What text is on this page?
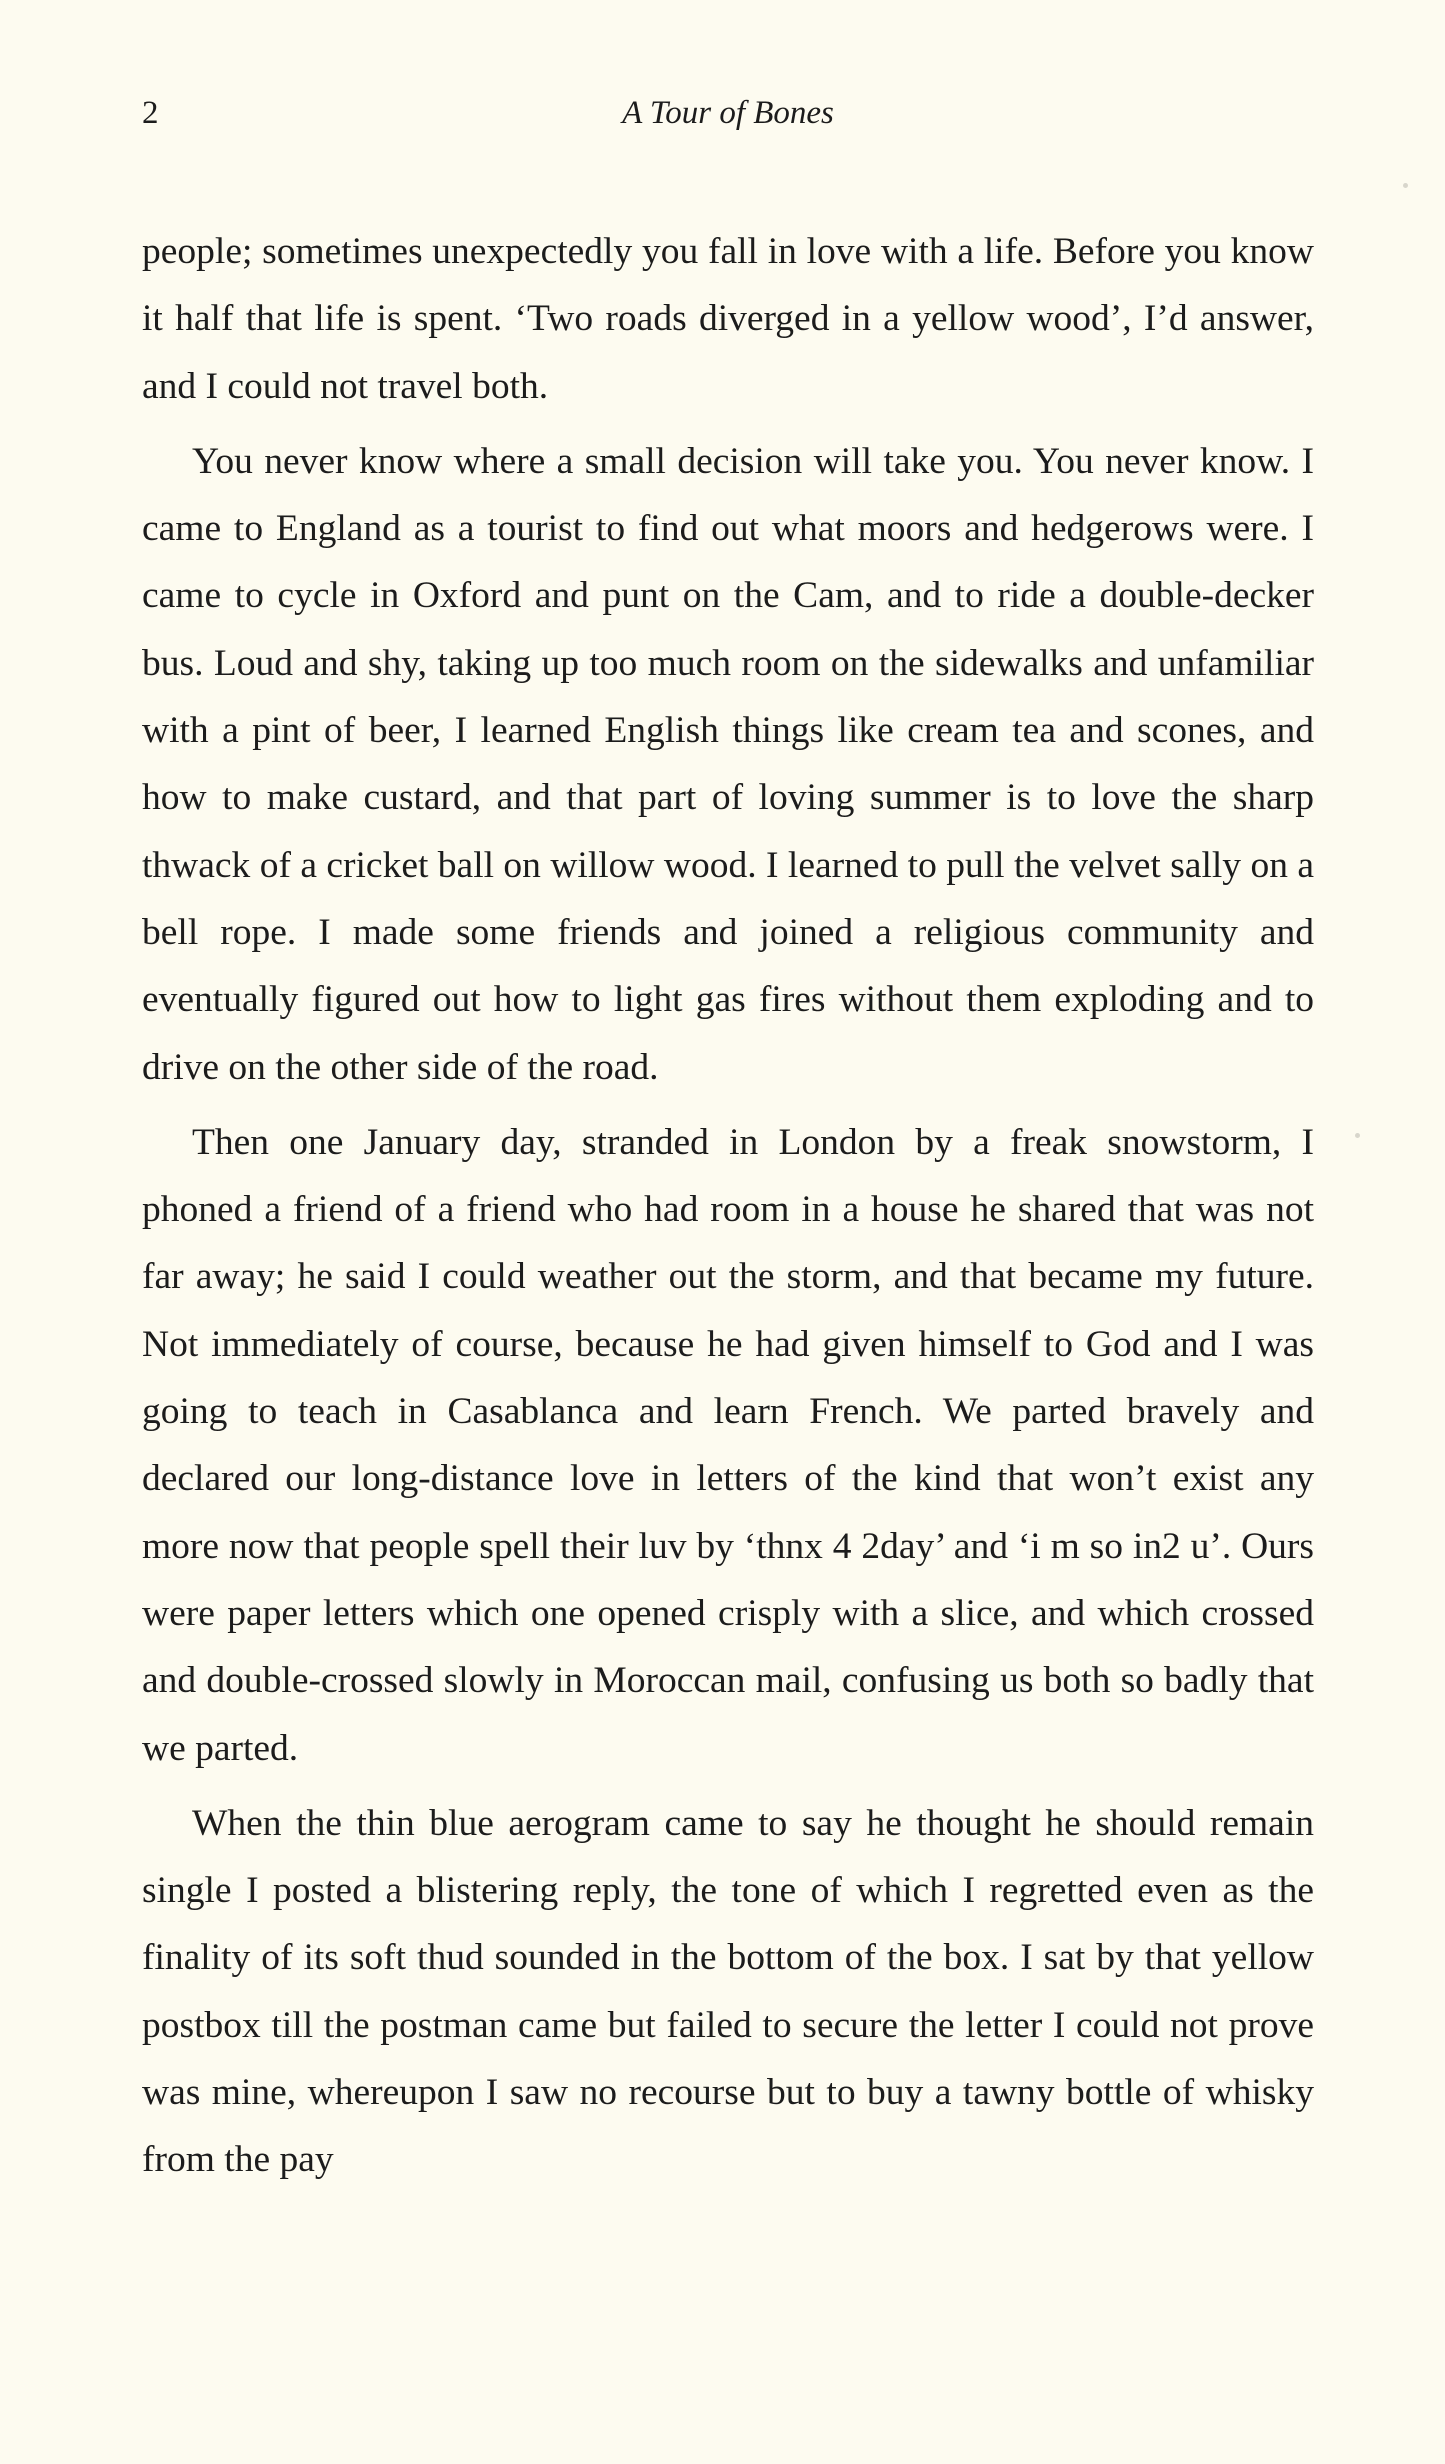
2	A Tour of Bones

people; sometimes unexpectedly you fall in love with a life. Before you know it half that life is spent. ‘Two roads diverged in a yellow wood’, I’d answer, and I could not travel both.

You never know where a small decision will take you. You never know. I came to England as a tourist to find out what moors and hedgerows were. I came to cycle in Oxford and punt on the Cam, and to ride a double-decker bus. Loud and shy, taking up too much room on the sidewalks and unfamiliar with a pint of beer, I learned English things like cream tea and scones, and how to make custard, and that part of loving summer is to love the sharp thwack of a cricket ball on willow wood. I learned to pull the velvet sally on a bell rope. I made some friends and joined a religious community and eventually figured out how to light gas fires without them exploding and to drive on the other side of the road.

Then one January day, stranded in London by a freak snowstorm, I phoned a friend of a friend who had room in a house he shared that was not far away; he said I could weather out the storm, and that became my future. Not immediately of course, because he had given himself to God and I was going to teach in Casablanca and learn French. We parted bravely and declared our long-distance love in letters of the kind that won’t exist any more now that people spell their luv by ‘thnx 4 2day’ and ‘i m so in2 u’. Ours were paper letters which one opened crisply with a slice, and which crossed and double-crossed slowly in Moroccan mail, confusing us both so badly that we parted.

When the thin blue aerogram came to say he thought he should remain single I posted a blistering reply, the tone of which I regretted even as the finality of its soft thud sounded in the bottom of the box. I sat by that yellow postbox till the postman came but failed to secure the letter I could not prove was mine, whereupon I saw no recourse but to buy a tawny bottle of whisky from the pay
